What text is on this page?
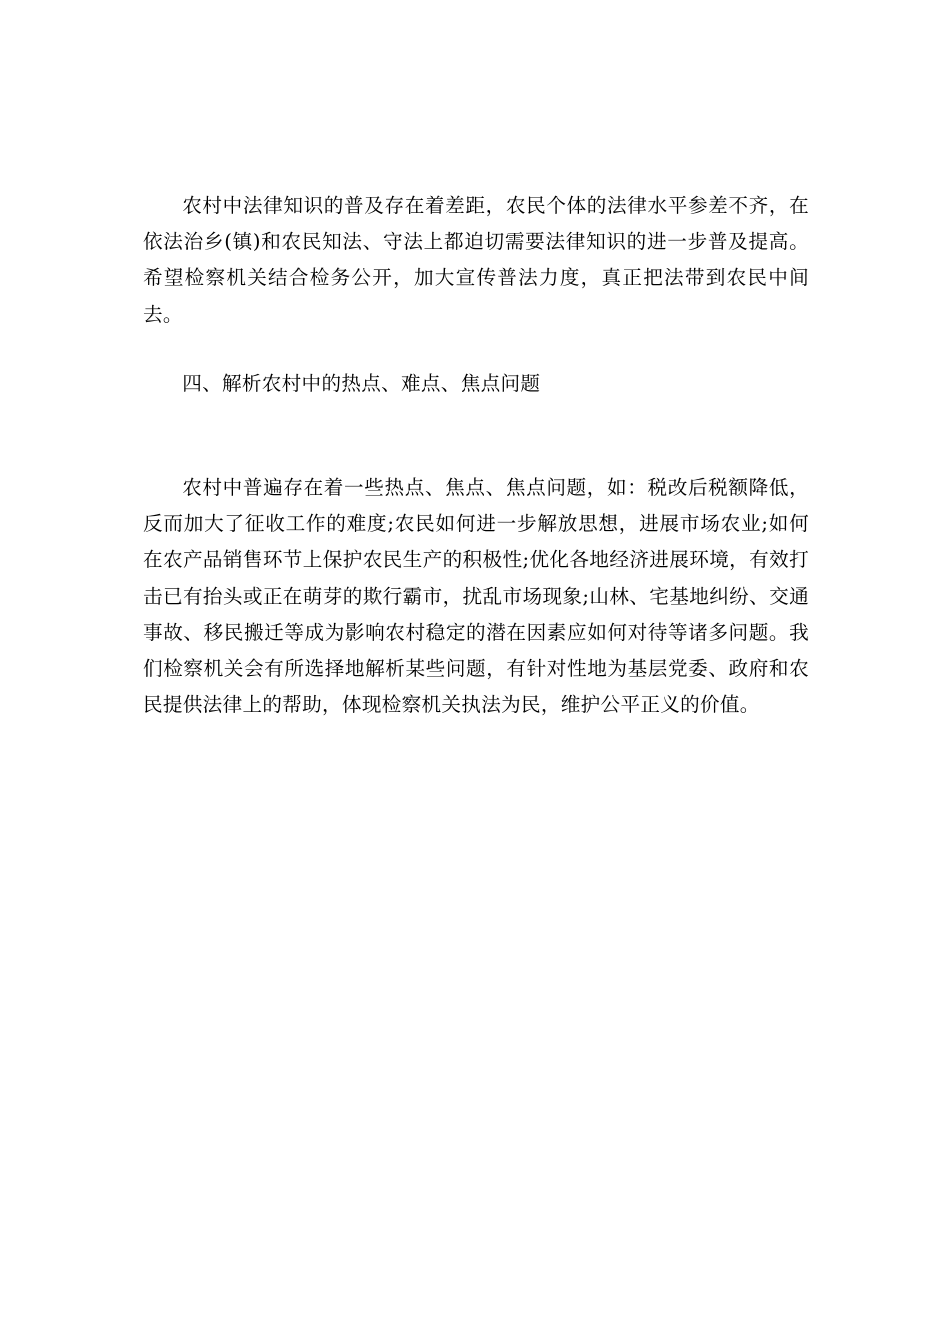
农村中法律知识的普及存在着差距，农民个体的法律水平参差不齐，在依法治乡(镇)和农民知法、守法上都迫切需要法律知识的进一步普及提高。希望检察机关结合检务公开，加大宣传普法力度，真正把法带到农民中间去。

四、解析农村中的热点、难点、焦点问题

农村中普遍存在着一些热点、焦点、焦点问题，如：税改后税额降低，反而加大了征收工作的难度;农民如何进一步解放思想，进展市场农业;如何在农产品销售环节上保护农民生产的积极性;优化各地经济进展环境，有效打击已有抬头或正在萌芽的欺行霸市，扰乱市场现象;山林、宅基地纠纷、交通事故、移民搬迁等成为影响农村稳定的潜在因素应如何对待等诸多问题。我们检察机关会有所选择地解析某些问题，有针对性地为基层党委、政府和农民提供法律上的帮助，体现检察机关执法为民，维护公平正义的价值。
